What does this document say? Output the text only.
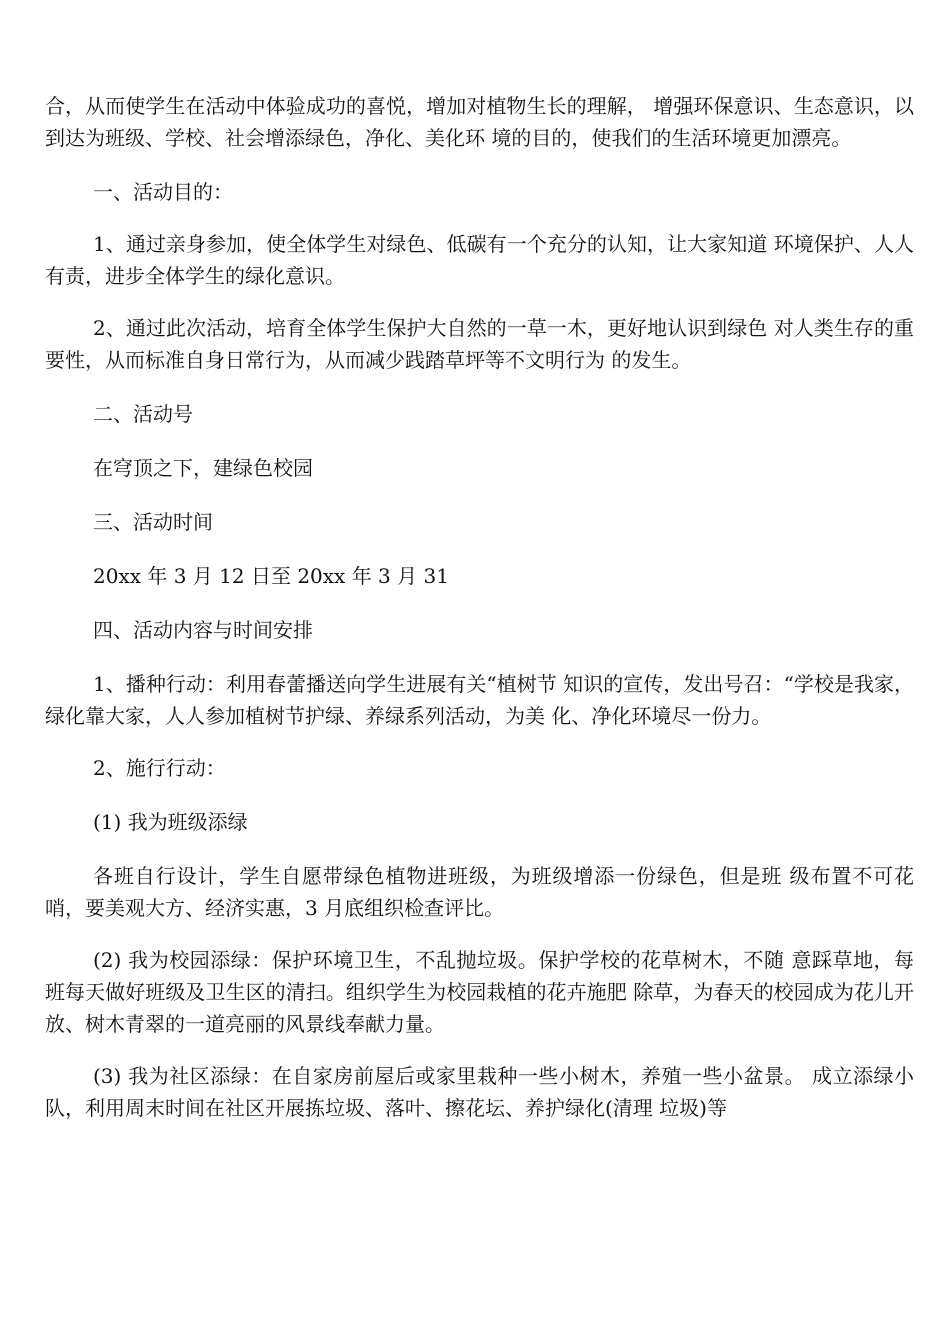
合，从而使学生在活动中体验成功的喜悦，增加对植物生长的理解， 增强环保意识、生态意识，以到达为班级、学校、社会增添绿色，净化、美化环 境的目的，使我们的生活环境更加漂亮。

一、活动目的：

1、通过亲身参加，使全体学生对绿色、低碳有一个充分的认知，让大家知道 环境保护、人人有责，进步全体学生的绿化意识。

2、通过此次活动，培育全体学生保护大自然的一草一木，更好地认识到绿色 对人类生存的重要性，从而标准自身日常行为，从而减少践踏草坪等不文明行为 的发生。

二、活动号

在穹顶之下，建绿色校园

三、活动时间

20xx 年 3 月 12 日至 20xx 年 3 月 31

四、活动内容与时间安排

1、播种行动：利用春蕾播送向学生进展有关“植树节 知识的宣传，发出号召：“学校是我家，绿化靠大家，人人参加植树节护绿、养绿系列活动，为美 化、净化环境尽一份力。

2、施行行动：

(1) 我为班级添绿

各班自行设计，学生自愿带绿色植物进班级，为班级增添一份绿色，但是班 级布置不可花哨，要美观大方、经济实惠，3 月底组织检查评比。

(2) 我为校园添绿：保护环境卫生，不乱抛垃圾。保护学校的花草树木，不随 意踩草地，每班每天做好班级及卫生区的清扫。组织学生为校园栽植的花卉施肥 除草，为春天的校园成为花儿开放、树木青翠的一道亮丽的风景线奉献力量。

(3) 我为社区添绿：在自家房前屋后或家里栽种一些小树木，养殖一些小盆景。 成立添绿小队，利用周末时间在社区开展拣垃圾、落叶、擦花坛、养护绿化(清理 垃圾)等
